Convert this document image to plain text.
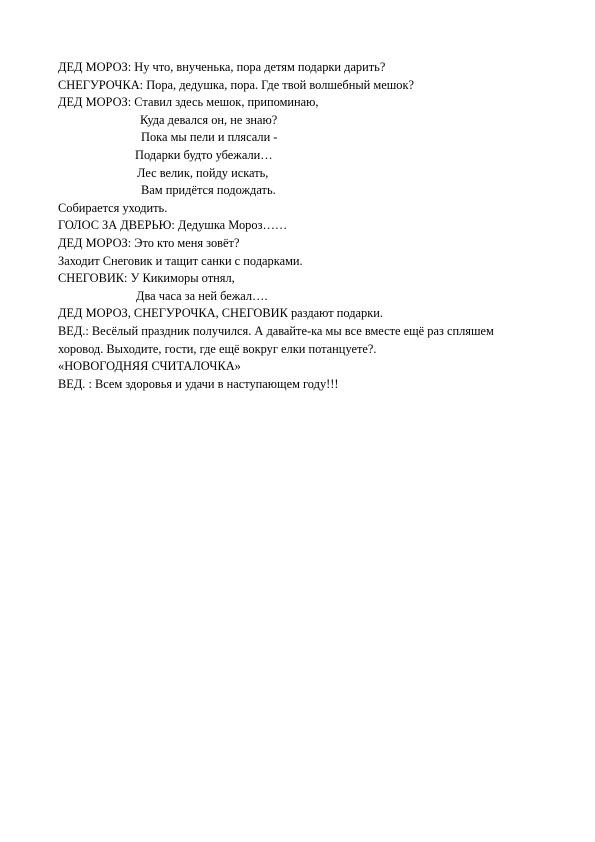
ДЕД МОРОЗ: Ну что, внученька, пора детям подарки дарить?
СНЕГУРОЧКА: Пора, дедушка, пора. Где твой волшебный мешок?
ДЕД МОРОЗ: Ставил здесь мешок, припоминаю,
Куда девался он, не знаю?
Пока мы пели и плясали -
Подарки будто убежали…
Лес велик, пойду искать,
Вам придётся подождать.
Собирается уходить.
ГОЛОС ЗА ДВЕРЬЮ: Дедушка Мороз……
ДЕД МОРОЗ: Это кто меня зовёт?
Заходит Снеговик и тащит санки с подарками.
СНЕГОВИК: У Кикиморы отнял,
Два часа за ней бежал….
ДЕД МОРОЗ, СНЕГУРОЧКА, СНЕГОВИК раздают подарки.
ВЕД.: Весёлый праздник получился. А давайте-ка мы все вместе ещё раз спляшем
хоровод. Выходите, гости, где ещё вокруг елки потанцуете?.
«НОВОГОДНЯЯ СЧИТАЛОЧКА»
ВЕД. : Всем здоровья и удачи в наступающем году!!!
